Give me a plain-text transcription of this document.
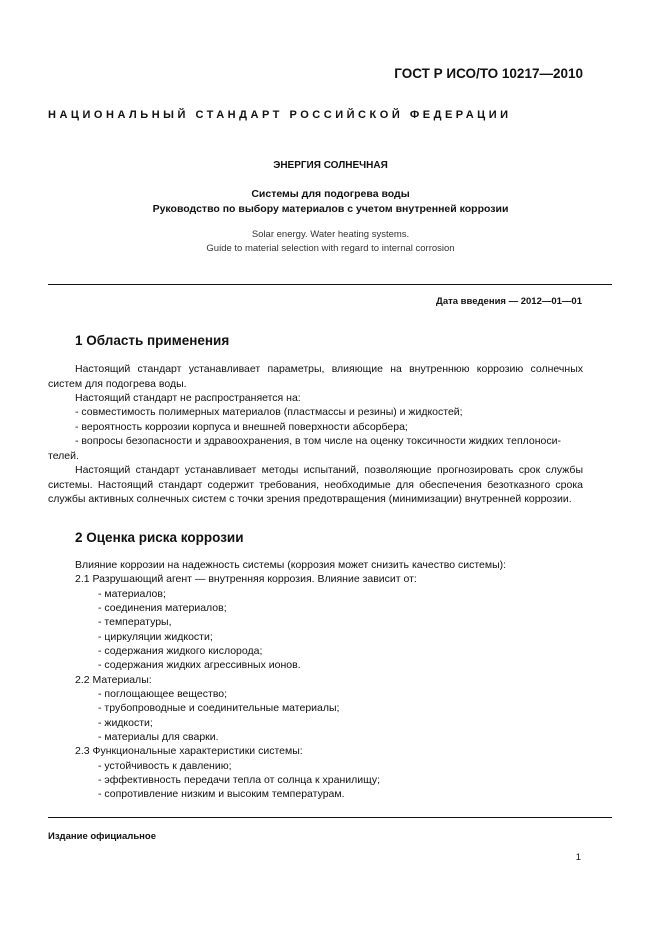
ГОСТ Р ИСО/ТО 10217—2010
НАЦИОНАЛЬНЫЙ СТАНДАРТ РОССИЙСКОЙ ФЕДЕРАЦИИ
ЭНЕРГИЯ СОЛНЕЧНАЯ
Системы для подогрева воды
Руководство по выбору материалов с учетом внутренней коррозии
Solar energy. Water heating systems.
Guide to material selection with regard to internal corrosion
Дата введения — 2012—01—01
1 Область применения
Настоящий стандарт устанавливает параметры, влияющие на внутреннюю коррозию солнечных систем для подогрева воды.
Настоящий стандарт не распространяется на:
- совместимость полимерных материалов (пластмассы и резины) и жидкостей;
- вероятность коррозии корпуса и внешней поверхности абсорбера;
- вопросы безопасности и здравоохранения, в том числе на оценку токсичности жидких теплоноси-
телей.
Настоящий стандарт устанавливает методы испытаний, позволяющие прогнозировать срок службы системы. Настоящий стандарт содержит требования, необходимые для обеспечения безотказного срока службы активных солнечных систем с точки зрения предотвращения (минимизации) внутренней коррозии.
2 Оценка риска коррозии
Влияние коррозии на надежность системы (коррозия может снизить качество системы):
2.1 Разрушающий агент — внутренняя коррозия. Влияние зависит от:
- материалов;
- соединения материалов;
- температуры,
- циркуляции жидкости;
- содержания жидкого кислорода;
- содержания жидких агрессивных ионов.
2.2 Материалы:
- поглощающее вещество;
- трубопроводные и соединительные материалы;
- жидкости;
- материалы для сварки.
2.3 Функциональные характеристики системы:
- устойчивость к давлению;
- эффективность передачи тепла от солнца к хранилищу;
- сопротивление низким и высоким температурам.
Издание официальное
1
